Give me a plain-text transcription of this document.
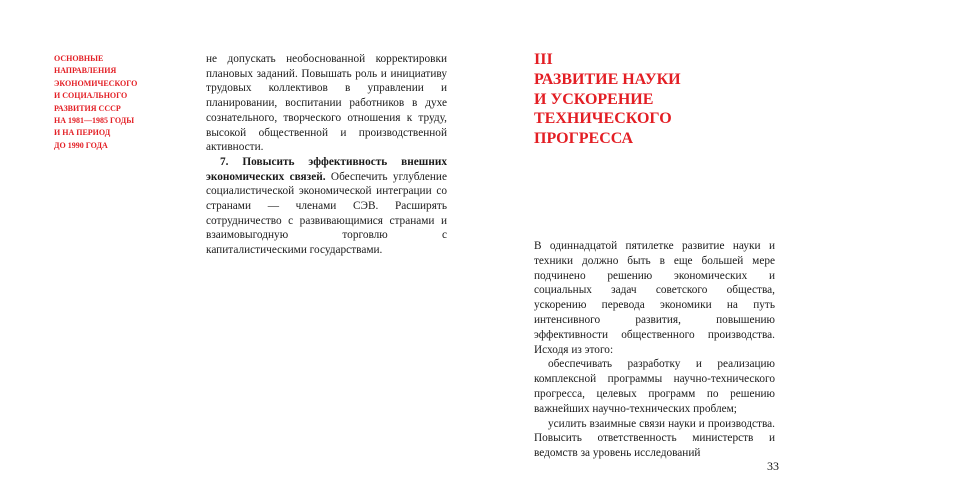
ОСНОВНЫЕ
НАПРАВЛЕНИЯ
ЭКОНОМИЧЕСКОГО
И СОЦИАЛЬНОГО
РАЗВИТИЯ СССР
НА 1981—1985 ГОДЫ
И НА ПЕРИОД
ДО 1990 ГОДА

не допускать необоснованной корректировки плановых заданий. Повышать роль и инициативу трудовых коллективов в управлении и планировании, воспитании работников в духе сознательного, творческого отношения к труду, высокой общественной и производственной активности.

7. Повысить эффективность внешних экономических связей. Обеспечить углубление социалистической экономической интеграции со странами — членами СЭВ. Расширять сотрудничество с развивающимися странами и взаимовыгодную торговлю с капиталистическими государствами.

III
РАЗВИТИЕ НАУКИ
И УСКОРЕНИЕ
ТЕХНИЧЕСКОГО
ПРОГРЕССА

В одиннадцатой пятилетке развитие науки и техники должно быть в еще большей мере подчинено решению экономических и социальных задач советского общества, ускорению перевода экономики на путь интенсивного развития, повышению эффективности общественного производства. Исходя из этого:

обеспечивать разработку и реализацию комплексной программы научно-технического прогресса, целевых программ по решению важнейших научно-технических проблем;

усилить взаимные связи науки и производства. Повысить ответственность министерств и ведомств за уровень исследований

33
